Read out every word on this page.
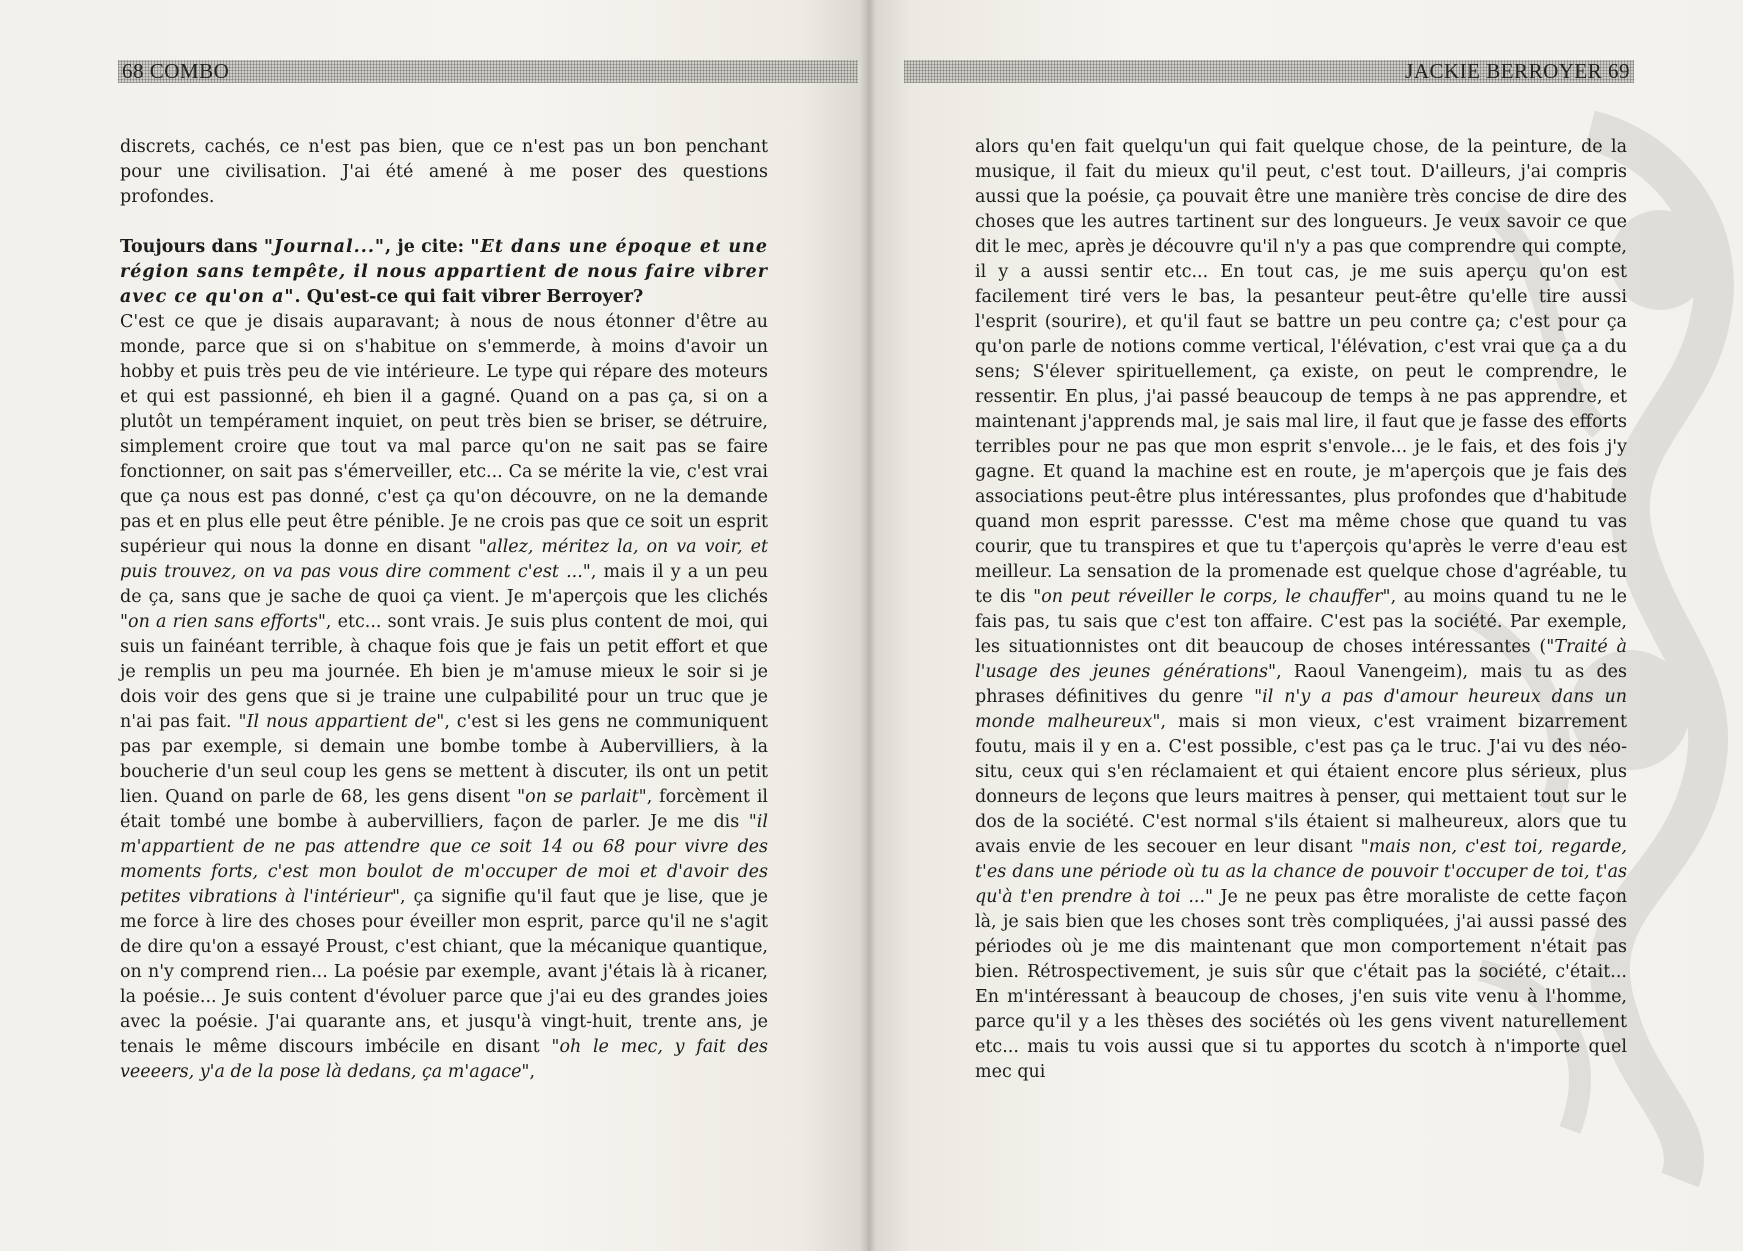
68 COMBO	JACKIE BERROYER 69

discrets, cachés, ce n'est pas bien, que ce n'est pas un bon penchant pour une civilisation. J'ai été amené à me poser des questions profondes.

Toujours dans "Journal...", je cite: "Et dans une époque et une région sans tempête, il nous appartient de nous faire vibrer avec ce qu'on a". Qu'est-ce qui fait vibrer Berroyer?

C'est ce que je disais auparavant; à nous de nous étonner d'être au monde, parce que si on s'habitue on s'emmerde, à moins d'avoir un hobby et puis très peu de vie intérieure. Le type qui répare des moteurs et qui est passionné, eh bien il a gagné. Quand on a pas ça, si on a plutôt un tempérament inquiet, on peut très bien se briser, se détruire, simplement croire que tout va mal parce qu'on ne sait pas se faire fonctionner, on sait pas s'émerveiller, etc... Ca se mérite la vie, c'est vrai que ça nous est pas donné, c'est ça qu'on découvre, on ne la demande pas et en plus elle peut être pénible. Je ne crois pas que ce soit un esprit supérieur qui nous la donne en disant "allez, méritez la, on va voir, et puis trouvez, on va pas vous dire comment c'est ...", mais il y a un peu de ça, sans que je sache de quoi ça vient. Je m'aperçois que les clichés "on a rien sans efforts", etc... sont vrais. Je suis plus content de moi, qui suis un fainéant terrible, à chaque fois que je fais un petit effort et que je remplis un peu ma journée. Eh bien je m'amuse mieux le soir si je dois voir des gens que si je traine une culpabilité pour un truc que je n'ai pas fait. "Il nous appartient de", c'est si les gens ne communiquent pas par exemple, si demain une bombe tombe à Aubervilliers, à la boucherie d'un seul coup les gens se mettent à discuter, ils ont un petit lien. Quand on parle de 68, les gens disent "on se parlait", forcèment il était tombé une bombe à aubervilliers, façon de parler. Je me dis "il m'appartient de ne pas attendre que ce soit 14 ou 68 pour vivre des moments forts, c'est mon boulot de m'occuper de moi et d'avoir des petites vibrations à l'intérieur", ça signifie qu'il faut que je lise, que je me force à lire des choses pour éveiller mon esprit, parce qu'il ne s'agit de dire qu'on a essayé Proust, c'est chiant, que la mécanique quantique, on n'y comprend rien... La poésie par exemple, avant j'étais là à ricaner, la poésie... Je suis content d'évoluer parce que j'ai eu des grandes joies avec la poésie. J'ai quarante ans, et jusqu'à vingt-huit, trente ans, je tenais le même discours imbécile en disant "oh le mec, y fait des veeeers, y'a de la pose là dedans, ça m'agace",

alors qu'en fait quelqu'un qui fait quelque chose, de la peinture, de la musique, il fait du mieux qu'il peut, c'est tout. D'ailleurs, j'ai compris aussi que la poésie, ça pouvait être une manière très concise de dire des choses que les autres tartinent sur des longueurs. Je veux savoir ce que dit le mec, après je découvre qu'il n'y a pas que comprendre qui compte, il y a aussi sentir etc... En tout cas, je me suis aperçu qu'on est facilement tiré vers le bas, la pesanteur peut-être qu'elle tire aussi l'esprit (sourire), et qu'il faut se battre un peu contre ça; c'est pour ça qu'on parle de notions comme vertical, l'élévation, c'est vrai que ça a du sens; S'élever spirituellement, ça existe, on peut le comprendre, le ressentir. En plus, j'ai passé beaucoup de temps à ne pas apprendre, et maintenant j'apprends mal, je sais mal lire, il faut que je fasse des efforts terribles pour ne pas que mon esprit s'envole... je le fais, et des fois j'y gagne. Et quand la machine est en route, je m'aperçois que je fais des associations peut-être plus intéressantes, plus profondes que d'habitude quand mon esprit paressse. C'est ma même chose que quand tu vas courir, que tu transpires et que tu t'aperçois qu'après le verre d'eau est meilleur. La sensation de la promenade est quelque chose d'agréable, tu te dis "on peut réveiller le corps, le chauffer", au moins quand tu ne le fais pas, tu sais que c'est ton affaire. C'est pas la société. Par exemple, les situationnistes ont dit beaucoup de choses intéressantes ("Traité à l'usage des jeunes générations", Raoul Vanengeim), mais tu as des phrases définitives du genre "il n'y a pas d'amour heureux dans un monde malheureux", mais si mon vieux, c'est vraiment bizarrement foutu, mais il y en a. C'est possible, c'est pas ça le truc. J'ai vu des néo-situ, ceux qui s'en réclamaient et qui étaient encore plus sérieux, plus donneurs de leçons que leurs maitres à penser, qui mettaient tout sur le dos de la société. C'est normal s'ils étaient si malheureux, alors que tu avais envie de les secouer en leur disant "mais non, c'est toi, regarde, t'es dans une période où tu as la chance de pouvoir t'occuper de toi, t'as qu'à t'en prendre à toi ..." Je ne peux pas être moraliste de cette façon là, je sais bien que les choses sont très compliquées, j'ai aussi passé des périodes où je me dis maintenant que mon comportement n'était pas bien. Rétrospectivement, je suis sûr que c'était pas la société, c'était... En m'intéressant à beaucoup de choses, j'en suis vite venu à l'homme, parce qu'il y a les thèses des sociétés où les gens vivent naturellement etc... mais tu vois aussi que si tu apportes du scotch à n'importe quel mec qui
